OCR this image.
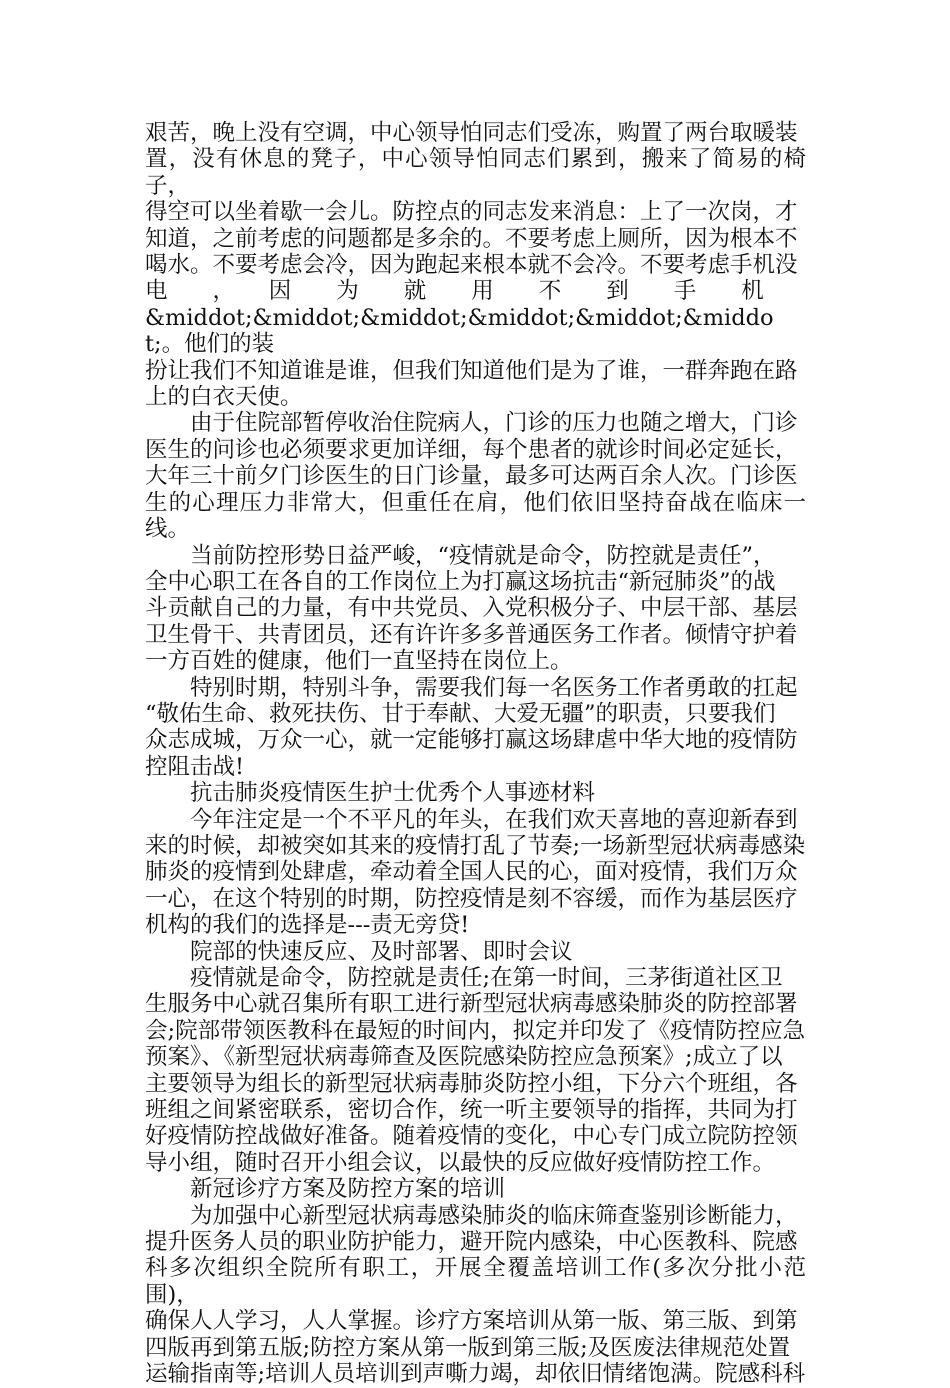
艰苦，晚上没有空调，中心领导怕同志们受冻，购置了两台取暖装
置，没有休息的凳子，中心领导怕同志们累到，搬来了简易的椅子，
得空可以坐着歇一会儿。防控点的同志发来消息：上了一次岗，才
知道，之前考虑的问题都是多余的。不要考虑上厕所，因为根本不
喝水。不要考虑会冷，因为跑起来根本就不会冷。不要考虑手机没
电　　，　　因　　为　　就　　用　　不　　到　　手　　机
&middot;&middot;&middot;&middot;&middot;&middot;。他们的装
扮让我们不知道谁是谁，但我们知道他们是为了谁，一群奔跑在路
上的白衣天使。
由于住院部暂停收治住院病人，门诊的压力也随之增大，门诊
医生的问诊也必须要求更加详细，每个患者的就诊时间必定延长，
大年三十前夕门诊医生的日门诊量，最多可达两百余人次。门诊医
生的心理压力非常大，但重任在肩，他们依旧坚持奋战在临床一线。
当前防控形势日益严峻，“疫情就是命令，防控就是责任”，
全中心职工在各自的工作岗位上为打赢这场抗击“新冠肺炎”的战
斗贡献自己的力量，有中共党员、入党积极分子、中层干部、基层
卫生骨干、共青团员，还有许许多多普通医务工作者。倾情守护着
一方百姓的健康，他们一直坚持在岗位上。
特别时期，特别斗争，需要我们每一名医务工作者勇敢的扛起
“敬佑生命、救死扶伤、甘于奉献、大爱无疆”的职责，只要我们
众志成城，万众一心，就一定能够打赢这场肆虐中华大地的疫情防
控阻击战!
抗击肺炎疫情医生护士优秀个人事迹材料
今年注定是一个不平凡的年头，在我们欢天喜地的喜迎新春到
来的时候，却被突如其来的疫情打乱了节奏;一场新型冠状病毒感染
肺炎的疫情到处肆虐，牵动着全国人民的心，面对疫情，我们万众
一心，在这个特别的时期，防控疫情是刻不容缓，而作为基层医疗
机构的我们的选择是---责无旁贷!
院部的快速反应、及时部署、即时会议
疫情就是命令，防控就是责任;在第一时间，三茅街道社区卫
生服务中心就召集所有职工进行新型冠状病毒感染肺炎的防控部署
会;院部带领医教科在最短的时间内，拟定并印发了《疫情防控应急
预案》、《新型冠状病毒筛查及医院感染防控应急预案》;成立了以
主要领导为组长的新型冠状病毒肺炎防控小组，下分六个班组，各
班组之间紧密联系，密切合作，统一听主要领导的指挥，共同为打
好疫情防控战做好准备。随着疫情的变化，中心专门成立院防控领
导小组，随时召开小组会议，以最快的反应做好疫情防控工作。
新冠诊疗方案及防控方案的培训
为加强中心新型冠状病毒感染肺炎的临床筛查鉴别诊断能力，
提升医务人员的职业防护能力，避开院内感染，中心医教科、院感
科多次组织全院所有职工，开展全覆盖培训工作(多次分批小范围)，
确保人人学习，人人掌握。诊疗方案培训从第一版、第三版、到第
四版再到第五版;防控方案从第一版到第三版;及医废法律规范处置
运输指南等;培训人员培训到声嘶力竭，却依旧情绪饱满。院感科科
